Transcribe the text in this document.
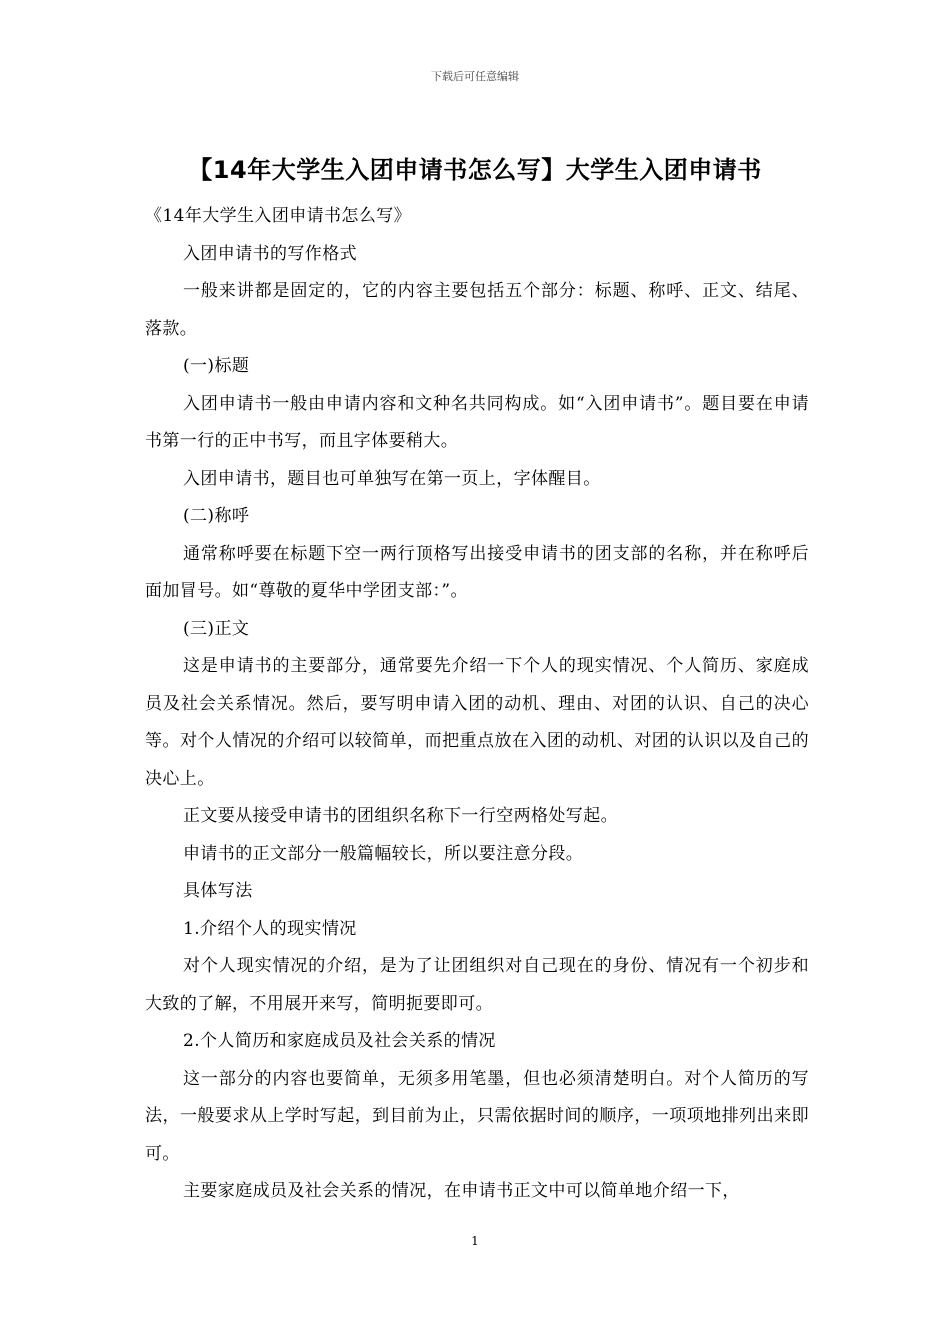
下载后可任意编辑
【14年大学生入团申请书怎么写】大学生入团申请书

《14年大学生入团申请书怎么写》

入团申请书的写作格式

一般来讲都是固定的，它的内容主要包括五个部分：标题、称呼、正文、结尾、落款。

(一)标题

入团申请书一般由申请内容和文种名共同构成。如“入团申请书”。题目要在申请书第一行的正中书写，而且字体要稍大。

入团申请书，题目也可单独写在第一页上，字体醒目。

(二)称呼

通常称呼要在标题下空一两行顶格写出接受申请书的团支部的名称，并在称呼后面加冒号。如“尊敬的夏华中学团支部：”。

(三)正文

这是申请书的主要部分，通常要先介绍一下个人的现实情况、个人简历、家庭成员及社会关系情况。然后，要写明申请入团的动机、理由、对团的认识、自己的决心等。对个人情况的介绍可以较简单，而把重点放在入团的动机、对团的认识以及自己的决心上。

正文要从接受申请书的团组织名称下一行空两格处写起。

申请书的正文部分一般篇幅较长，所以要注意分段。

具体写法

1.介绍个人的现实情况

对个人现实情况的介绍，是为了让团组织对自己现在的身份、情况有一个初步和大致的了解，不用展开来写，简明扼要即可。

2.个人简历和家庭成员及社会关系的情况

这一部分的内容也要简单，无须多用笔墨，但也必须清楚明白。对个人简历的写法，一般要求从上学时写起，到目前为止，只需依据时间的顺序，一项项地排列出来即可。

主要家庭成员及社会关系的情况，在申请书正文中可以简单地介绍一下，

1
